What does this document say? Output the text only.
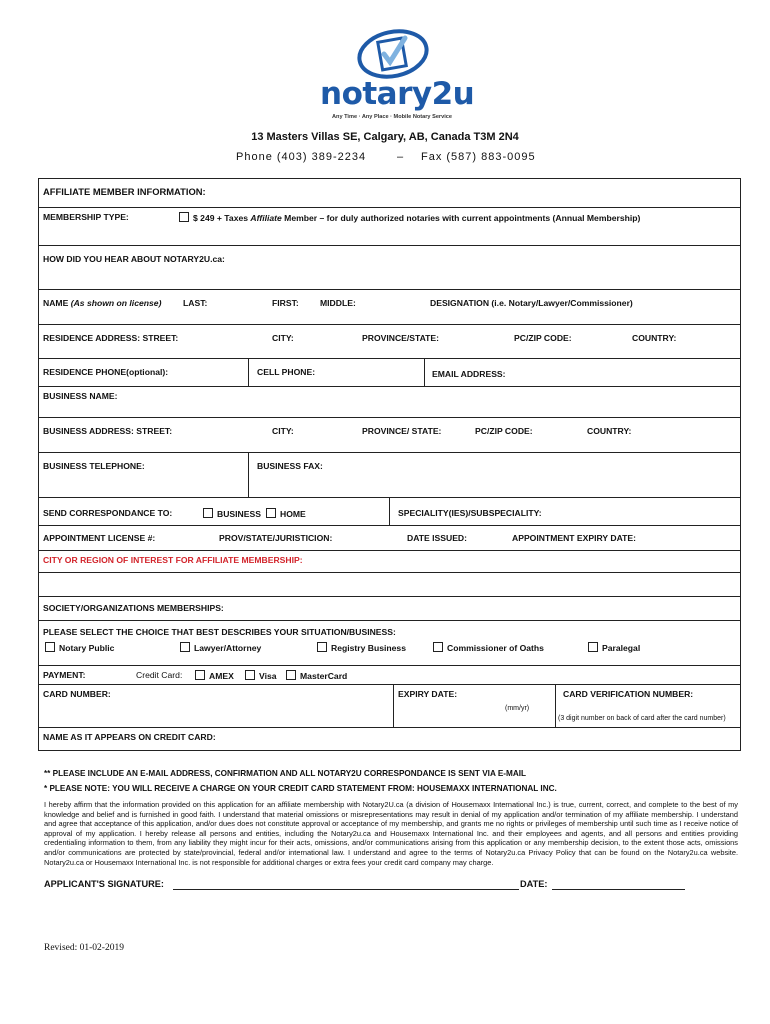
notary2u
Any Time · Any Place · Mobile Notary Service
13 Masters Villas SE, Calgary, AB, Canada T3M 2N4
Phone (403) 389-2234	– Fax (587) 883-0095
AFFILIATE MEMBER INFORMATION:
MEMBERSHIP TYPE:	$ 249 + Taxes Affiliate Member – for duly authorized notaries with current appointments (Annual Membership)
HOW DID YOU HEAR ABOUT NOTARY2U.ca:
NAME (As shown on license)	LAST:	FIRST: MIDDLE:	DESIGNATION (i.e. Notary/Lawyer/Commissioner)
RESIDENCE ADDRESS: STREET:	CITY:	PROVINCE/STATE:	PC/ZIP CODE:	COUNTRY:
RESIDENCE PHONE(optional):	CELL PHONE:	EMAIL ADDRESS:
BUSINESS NAME:
BUSINESS ADDRESS: STREET:	CITY:	PROVINCE/ STATE:	PC/ZIP CODE:	COUNTRY:
BUSINESS TELEPHONE:	BUSINESS FAX:
SEND CORRESPONDANCE TO:	BUSINESS	HOME	SPECIALITY(IES)/SUBSPECIALITY:
APPOINTMENT LICENSE #:	PROV/STATE/JURISTICION:	DATE ISSUED:	APPOINTMENT EXPIRY DATE:
CITY OR REGION OF INTEREST FOR AFFILIATE MEMBERSHIP:
SOCIETY/ORGANIZATIONS MEMBERSHIPS:
PLEASE SELECT THE CHOICE THAT BEST DESCRIBES YOUR SITUATION/BUSINESS:
Notary Public	Lawyer/Attorney	Registry Business	Commissioner of Oaths	Paralegal
PAYMENT:	Credit Card:	AMEX	Visa	MasterCard
CARD NUMBER:	EXPIRY DATE:
(mm/yr)
CARD VERIFICATION NUMBER:
(3 digit number on back of card after the card number)
NAME AS IT APPEARS ON CREDIT CARD:
** PLEASE INCLUDE AN E-MAIL ADDRESS, CONFIRMATION AND ALL NOTARY2U CORRESPONDANCE IS SENT VIA E-MAIL
* PLEASE NOTE: YOU WILL RECEIVE A CHARGE ON YOUR CREDIT CARD STATEMENT FROM: HOUSEMAXX INTERNATIONAL INC.
I hereby affirm that the information provided on this application for an affiliate membership with Notary2U.ca (a division of Housemaxx International Inc.) is true, current, correct, and complete to the best of my knowledge and belief and is furnished in good faith. I understand that material omissions or misrepresentations may result in denial of my application and/or termination of my affiliate membership. I understand and agree that acceptance of this application, and/or dues does not constitute approval or acceptance of my membership, and grants me no rights or privileges of membership until such time as I receive notice of approval of my application. I hereby release all persons and entities, including the Notary2u.ca and Housemaxx International Inc. and their employees and agents, and all persons and entities providing credentialing information to them, from any liability they might incur for their acts, omissions, and/or communications arising from this application or any membership decision, to the extent those acts, omissions and/or communications are protected by state/provincial, federal and/or international law. I understand and agree to the terms of Notary2u.ca Privacy Policy that can be found on the Notary2u.ca website. Notary2u.ca or Housemaxx International Inc. is not responsible for additional charges or extra fees your credit card company may charge.
APPLICANT'S SIGNATURE:	DATE:
Revised: 01-02-2019
